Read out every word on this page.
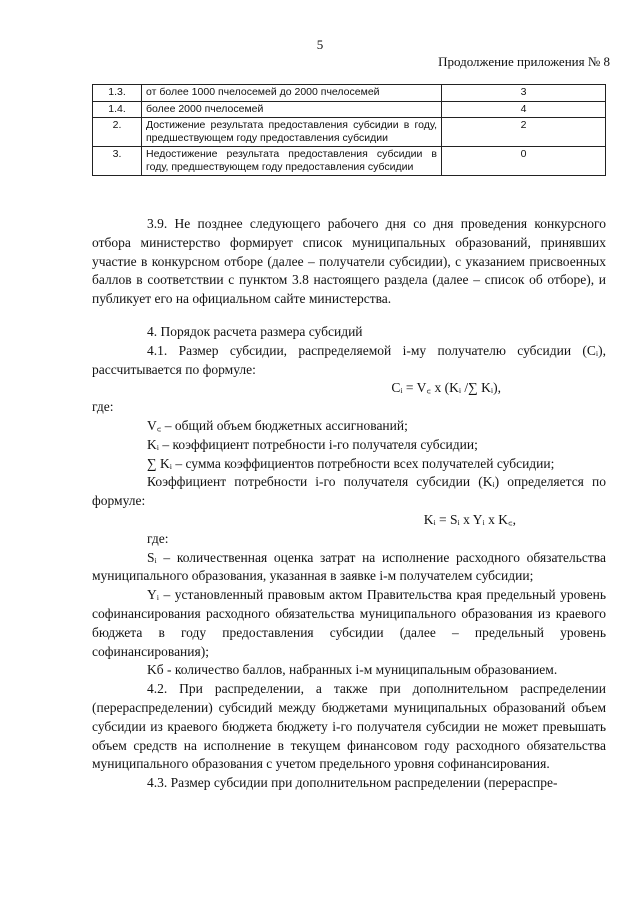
5
Продолжение приложения № 8
1.3.	от более 1000 пчелосемей до 2000 пчелосемей	3
1.4.	более 2000 пчелосемей	4
2.	Достижение результата предоставления субсидии в году, предшествующем году предоставления субсидии	2
3.	Недостижение результата предоставления субсидии в году, предшествующем году предоставления субсидии	0

3.9. Не позднее следующего рабочего дня со дня проведения конкурсного отбора министерство формирует список муниципальных образований, принявших участие в конкурсном отборе (далее – получатели субсидии), с указанием присвоенных баллов в соответствии с пунктом 3.8 настоящего раздела (далее – список об отборе), и публикует его на официальном сайте министерства.

4. Порядок расчета размера субсидий

4.1. Размер субсидии, распределяемой i-му получателю субсидии (Cᵢ), рассчитывается по формуле:

Cᵢ = V꜀ x (Kᵢ /∑ Kᵢ),

где:

V꜀ – общий объем бюджетных ассигнований;

Kᵢ – коэффициент потребности i-го получателя субсидии;

∑ Kᵢ – сумма коэффициентов потребности всех получателей субсидии;

Коэффициент потребности i-го получателя субсидии (Kᵢ) определяется по формуле:

Kᵢ = Sᵢ x Yᵢ x K꜀,

где:

Sᵢ – количественная оценка затрат на исполнение расходного обязательства муниципального образования, указанная в заявке i-м получателем субсидии;

Yᵢ – установленный правовым актом Правительства края предельный уровень софинансирования расходного обязательства муниципального образования из краевого бюджета в году предоставления субсидии (далее – предельный уровень софинансирования);

Kб - количество баллов, набранных i-м муниципальным образованием.

4.2. При распределении, а также при дополнительном распределении (перераспределении) субсидий между бюджетами муниципальных образований объем субсидии из краевого бюджета бюджету i-го получателя субсидии не может превышать объем средств на исполнение в текущем финансовом году расходного обязательства муниципального образования с учетом предельного уровня софинансирования.

4.3. Размер субсидии при дополнительном распределении (перераспре-
